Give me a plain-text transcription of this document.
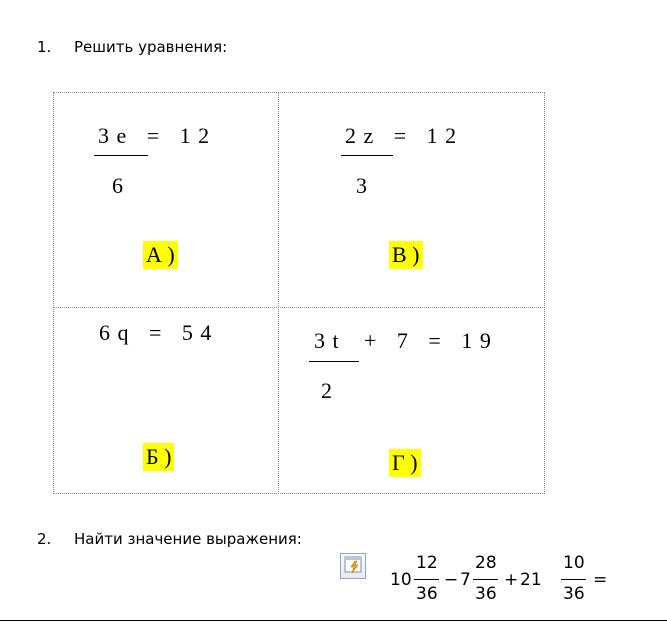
1. Решить уравнения:
3 e   =   1 2
6
А )
2 z   =   1 2
3
В )
6 q   =   5 4
Б )
3 t +   7   =   1 9
2
Г )
2. Найти значение выражения:
10
12
36
− 7
28
36
+ 21
10
36
=
